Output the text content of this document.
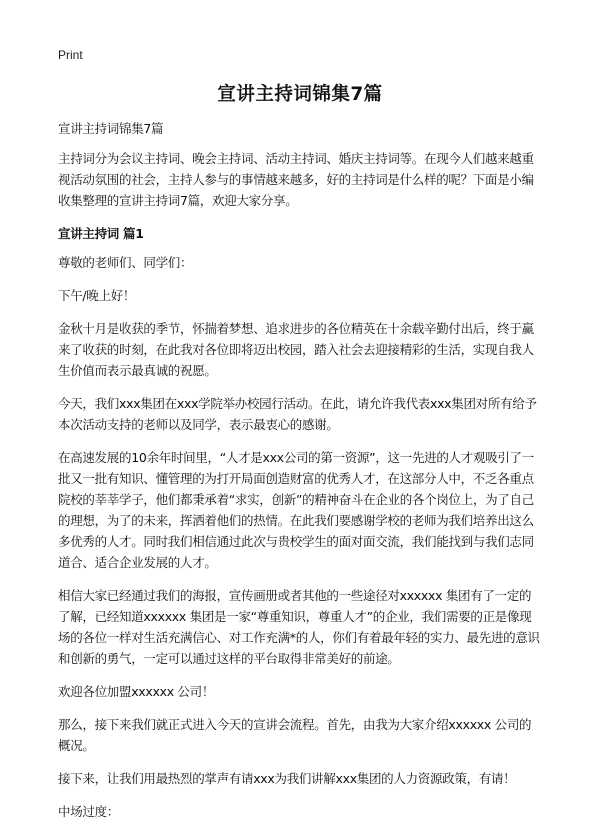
Print
宣讲主持词锦集7篇

宣讲主持词锦集7篇

主持词分为会议主持词、晚会主持词、活动主持词、婚庆主持词等。在现今人们越来越重视活动氛围的社会，主持人参与的事情越来越多，好的主持词是什么样的呢？下面是小编收集整理的宣讲主持词7篇，欢迎大家分享。

宣讲主持词 篇1

尊敬的老师们、同学们：

下午/晚上好！

金秋十月是收获的季节，怀揣着梦想、追求进步的各位精英在十余载辛勤付出后，终于赢来了收获的时刻，在此我对各位即将迈出校园，踏入社会去迎接精彩的生活，实现自我人生价值而表示最真诚的祝愿。

今天，我们xxx集团在xxx学院举办校园行活动。在此，请允许我代表xxx集团对所有给予本次活动支持的老师以及同学，表示最衷心的感谢。

在高速发展的10余年时间里，“人才是xxx公司的第一资源”，这一先进的人才观吸引了一批又一批有知识、懂管理的为打开局面创造财富的优秀人才，在这部分人中，不乏各重点院校的莘莘学子，他们都秉承着“求实，创新”的精神奋斗在企业的各个岗位上，为了自己的理想，为了的未来，挥洒着他们的热情。在此我们要感谢学校的老师为我们培养出这么多优秀的人才。同时我们相信通过此次与贵校学生的面对面交流，我们能找到与我们志同道合、适合企业发展的人才。

相信大家已经通过我们的海报，宣传画册或者其他的一些途径对xxxxxx 集团有了一定的了解，已经知道xxxxxx 集团是一家“尊重知识，尊重人才”的企业，我们需要的正是像现场的各位一样对生活充满信心、对工作充满*的人，你们有着最年轻的实力、最先进的意识和创新的勇气，一定可以通过这样的平台取得非常美好的前途。

欢迎各位加盟xxxxxx 公司！

那么，接下来我们就正式进入今天的宣讲会流程。首先，由我为大家介绍xxxxxx 公司的概况。

接下来，让我们用最热烈的掌声有请xxx为我们讲解xxx集团的人力资源政策，有请！

中场过度：
